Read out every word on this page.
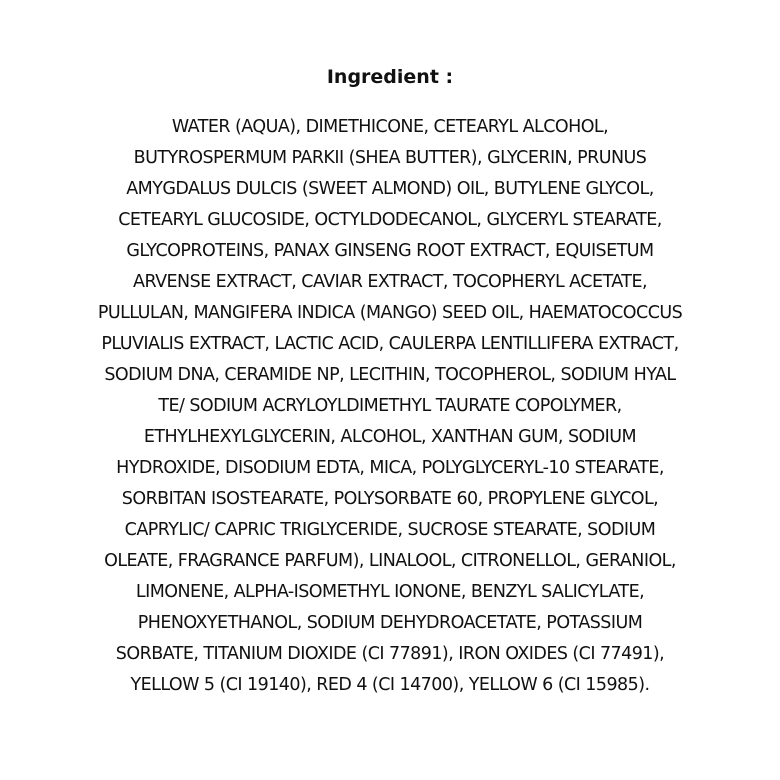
Ingredient :
WATER (AQUA), DIMETHICONE, CETEARYL ALCOHOL,
BUTYROSPERMUM PARKII (SHEA BUTTER), GLYCERIN, PRUNUS
AMYGDALUS DULCIS (SWEET ALMOND) OIL, BUTYLENE GLYCOL,
CETEARYL GLUCOSIDE, OCTYLDODECANOL, GLYCERYL STEARATE,
GLYCOPROTEINS, PANAX GINSENG ROOT EXTRACT, EQUISETUM
ARVENSE EXTRACT, CAVIAR EXTRACT, TOCOPHERYL ACETATE,
PULLULAN, MANGIFERA INDICA (MANGO) SEED OIL, HAEMATOCOCCUS
PLUVIALIS EXTRACT, LACTIC ACID, CAULERPA LENTILLIFERA EXTRACT,
SODIUM DNA, CERAMIDE NP, LECITHIN, TOCOPHEROL, SODIUM HYAL
TE/ SODIUM ACRYLOYLDIMETHYL TAURATE COPOLYMER,
ETHYLHEXYLGLYCERIN, ALCOHOL, XANTHAN GUM, SODIUM
HYDROXIDE, DISODIUM EDTA, MICA, POLYGLYCERYL-10 STEARATE,
SORBITAN ISOSTEARATE, POLYSORBATE 60, PROPYLENE GLYCOL,
CAPRYLIC/ CAPRIC TRIGLYCERIDE, SUCROSE STEARATE, SODIUM
OLEATE, FRAGRANCE PARFUM), LINALOOL, CITRONELLOL, GERANIOL,
LIMONENE, ALPHA-ISOMETHYL IONONE, BENZYL SALICYLATE,
PHENOXYETHANOL, SODIUM DEHYDROACETATE, POTASSIUM
SORBATE, TITANIUM DIOXIDE (CI 77891), IRON OXIDES (CI 77491),
YELLOW 5 (CI 19140), RED 4 (CI 14700), YELLOW 6 (CI 15985).
